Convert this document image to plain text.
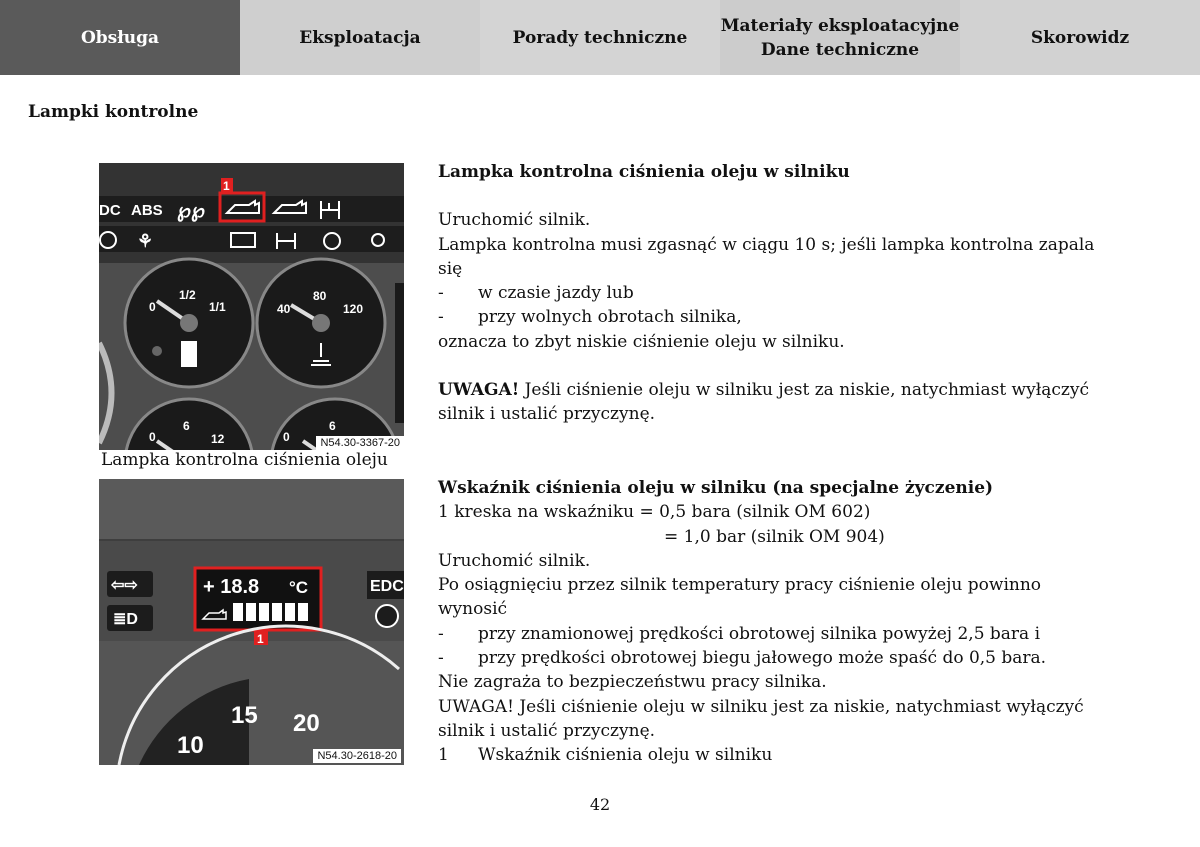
Obsługa	Eksploatacja	Porady techniczne
Materiały eksploatacyjne
Dane techniczne
Skorowidz
Lampki kontrolne
DC ABS ℘℘
1
⚘
0
1/2
1/1	40
80
120
0
6
12	0
6
N54.30-3367-20
Lampka kontrolna ciśnienia oleju
⇦⇨
≣D
+ 18.8 °C
1
EDC
10
15 20
N54.30-2618-20

Lampka kontrolna ciśnienia oleju w silniku

Uruchomić silnik.

Lampka kontrolna musi zgasnąć w ciągu 10 s; jeśli lampka kontrolna zapala się

-	w czasie jazdy lub
-	przy wolnych obrotach silnika,

oznacza to zbyt niskie ciśnienie oleju w silniku.

UWAGA! Jeśli ciśnienie oleju w silniku jest za niskie, natychmiast wyłączyć silnik i ustalić przyczynę.

Wskaźnik ciśnienia oleju w silniku (na specjalne życzenie)

1 kreska na wskaźniku = 0,5 bara (silnik OM 602)

= 1,0 bar (silnik OM 904)

Uruchomić silnik.

Po osiągnięciu przez silnik temperatury pracy ciśnienie oleju powinno wynosić

-	przy znamionowej prędkości obrotowej silnika powyżej 2,5 bara i
-	przy prędkości obrotowej biegu jałowego może spaść do 0,5 bara.

Nie zagraża to bezpieczeństwu pracy silnika.

UWAGA! Jeśli ciśnienie oleju w silniku jest za niskie, natychmiast wyłączyć silnik i ustalić przyczynę.

1	Wskaźnik ciśnienia oleju w silniku
42
